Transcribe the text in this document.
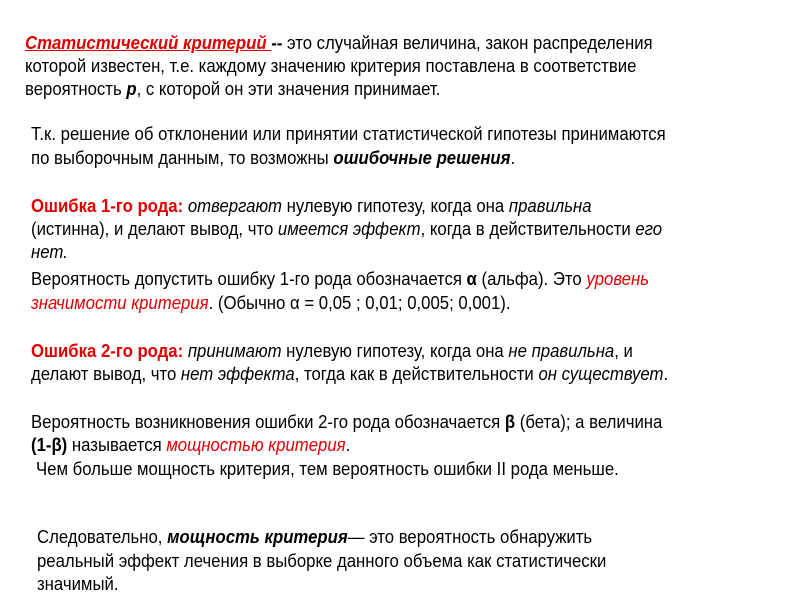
Статистический критерий -- это случайная величина, закон распределения
которой известен, т.е. каждому значению критерия поставлена в соответствие
вероятность р, с которой он эти значения принимает.
Т.к. решение об отклонении или принятии статистической гипотезы принимаются
по выборочным данным, то возможны ошибочные решения.
Ошибка 1-го рода: отвергают нулевую гипотезу, когда она правильна
(истинна), и делают вывод, что имеется эффект, когда в действительности его
нет.
Вероятность допустить ошибку 1-го рода обозначается α (альфа). Это уровень
значимости критерия. (Обычно α = 0,05 ; 0,01; 0,005; 0,001).
Ошибка 2-го рода: принимают нулевую гипотезу, когда она не правильна, и
делают вывод, что нет эффекта, тогда как в действительности он существует.
Вероятность возникновения ошибки 2-го рода обозначается β (бета); а величина
(1-β) называется мощностью критерия.
Чем больше мощность критерия, тем вероятность ошибки II рода меньше.
Следовательно, мощность критерия— это вероятность обнаружить
реальный эффект лечения в выборке данного объема как статистически
значимый.
